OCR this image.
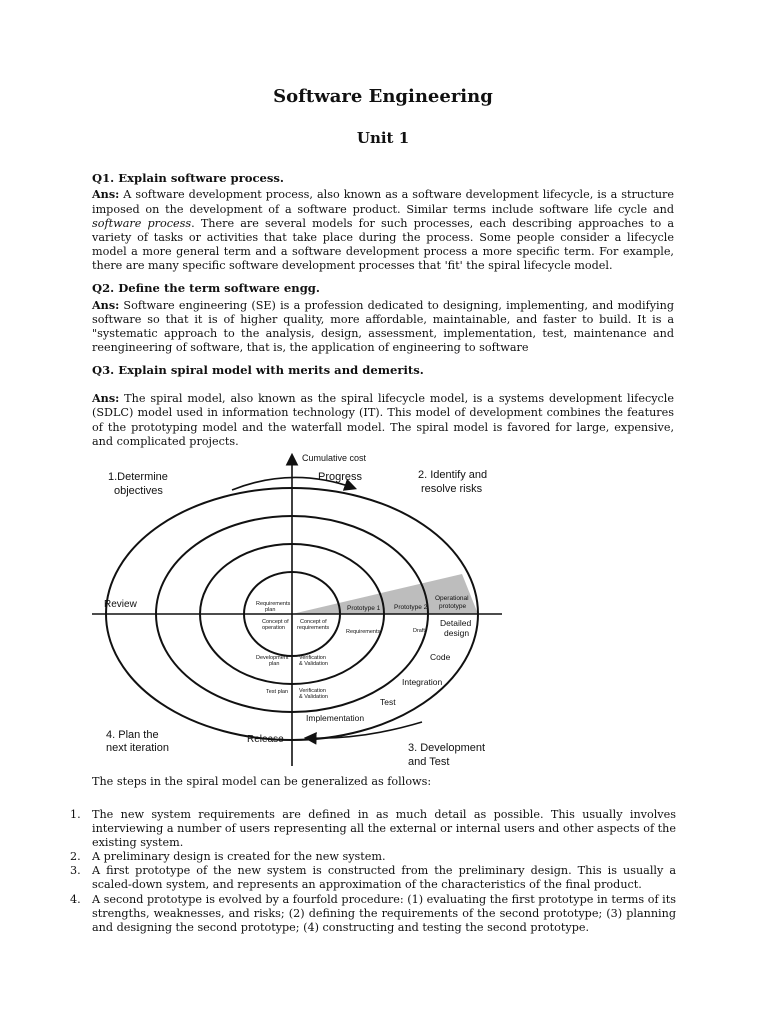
Software Engineering
Unit 1

Q1. Explain software process.

Ans: A software development process, also known as a software development lifecycle, is a structure imposed on the development of a software product. Similar terms include software life cycle and software process. There are several models for such processes, each describing approaches to a variety of tasks or activities that take place during the process. Some people consider a lifecycle model a more general term and a software development process a more specific term. For example, there are many specific software development processes that 'fit' the spiral lifecycle model.

Q2. Define the term software engg.

Ans: Software engineering (SE) is a profession dedicated to designing, implementing, and modifying software so that it is of higher quality, more affordable, maintainable, and faster to build. It is a "systematic approach to the analysis, design, assessment, implementation, test, maintenance and reengineering of software, that is, the application of engineering to software

Q3. Explain spiral model with merits and demerits.

Ans: The spiral model, also known as the spiral lifecycle model, is a systems development lifecycle (SDLC) model used in information technology (IT). This model of development combines the features of the prototyping model and the waterfall model. The spiral model is favored for large, expensive, and complicated projects.

Cumulative cost
Progress
1.Determine
objectives
2. Identify and
resolve risks
3. Development
and Test
4. Plan the
next iteration
Review
Release
Requirements
plan
Concept of
operation
Concept of
requirements
Requirements
Prototype 1 Prototype 2
Operational
prototype
Draft
Detailed
design
Development
plan
Verification
& Validation
Test plan Verification
& Validation
Code
Integration
Test
Implementation

The steps in the spiral model can be generalized as follows:

1.	The new system requirements are defined in as much detail as possible. This usually involves interviewing a number of users representing all the external or internal users and other aspects of the existing system.
2.	A preliminary design is created for the new system.
3.	A first prototype of the new system is constructed from the preliminary design. This is usually a scaled-down system, and represents an approximation of the characteristics of the final product.
4.	A second prototype is evolved by a fourfold procedure: (1) evaluating the first prototype in terms of its strengths, weaknesses, and risks; (2) defining the requirements of the second prototype; (3) planning and designing the second prototype; (4) constructing and testing the second prototype.
